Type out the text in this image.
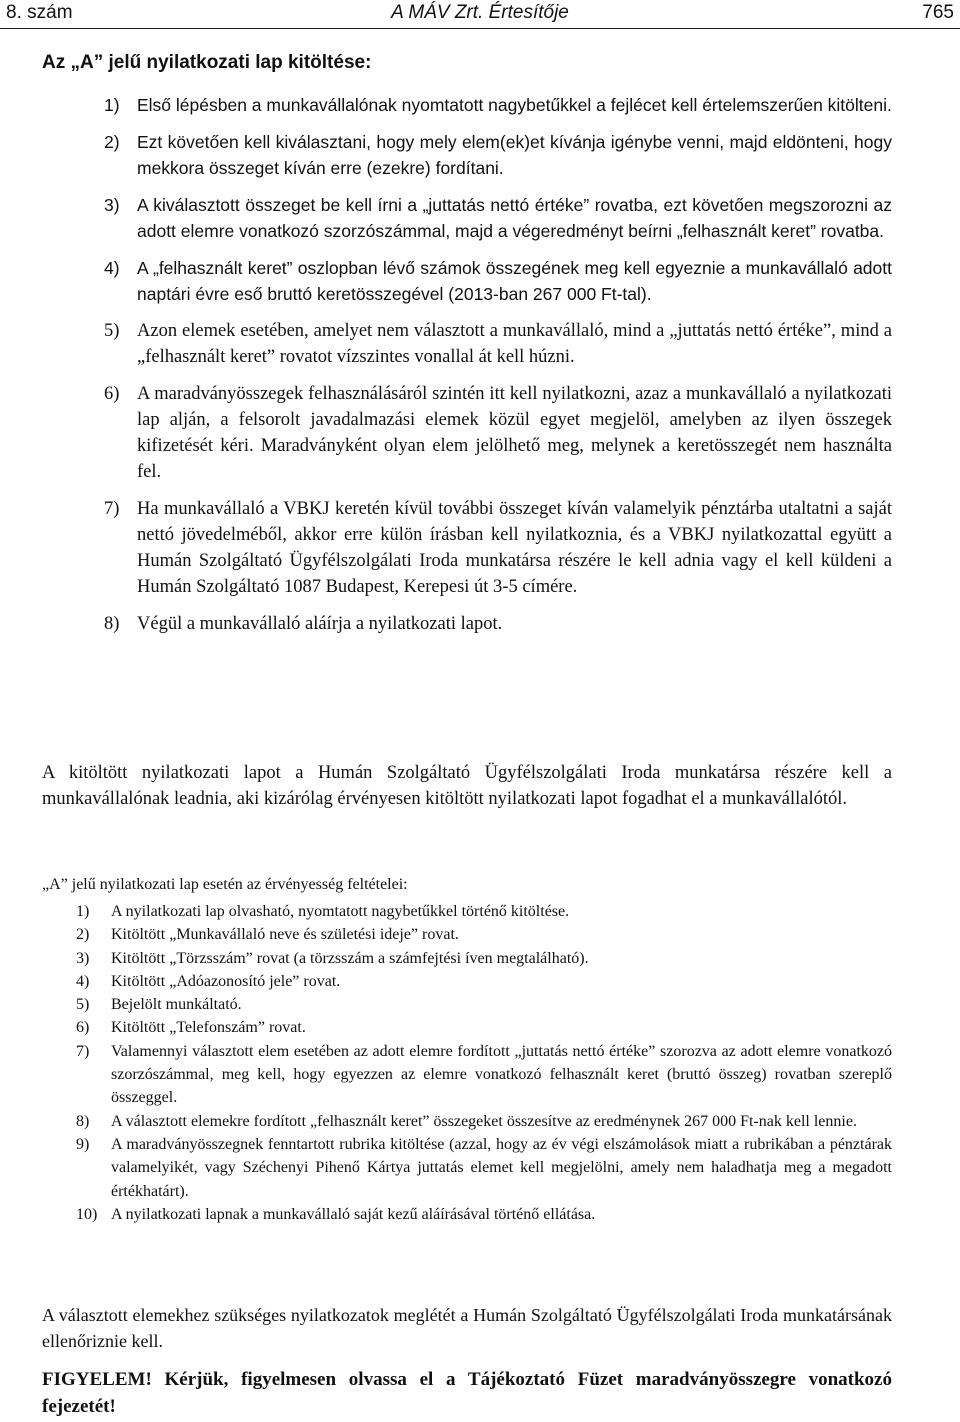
8. szám	A MÁV Zrt. Értesítője	765
Az „A” jelű nyilatkozati lap kitöltése:
1) Első lépésben a munkavállalónak nyomtatott nagybetűkkel a fejlécet kell értelemszerűen kitölteni.
2) Ezt követően kell kiválasztani, hogy mely elem(ek)et kívánja igénybe venni, majd eldönteni, hogy mekkora összeget kíván erre (ezekre) fordítani.
3) A kiválasztott összeget be kell írni a „juttatás nettó értéke” rovatba, ezt követően megszorozni az adott elemre vonatkozó szorzószámmal, majd a végeredményt beírni „felhasznált keret” rovatba.
4) A „felhasznált keret” oszlopban lévő számok összegének meg kell egyeznie a munkavállaló adott naptári évre eső bruttó keretösszegével (2013-ban 267 000 Ft-tal).
5) Azon elemek esetében, amelyet nem választott a munkavállaló, mind a „juttatás nettó értéke”, mind a „felhasznált keret” rovatot vízszintes vonallal át kell húzni.
6) A maradványösszegek felhasználásáról szintén itt kell nyilatkozni, azaz a munkavállaló a nyilatkozati lap alján, a felsorolt javadalmazási elemek közül egyet megjelöl, amelyben az ilyen összegek kifizetését kéri. Maradványként olyan elem jelölhető meg, melynek a keretösszegét nem használta fel.
7) Ha munkavállaló a VBKJ keretén kívül további összeget kíván valamelyik pénztárba utaltatni a saját nettó jövedelméből, akkor erre külön írásban kell nyilatkoznia, és a VBKJ nyilatkozattal együtt a Humán Szolgáltató Ügyfélszolgálati Iroda munkatársa részére le kell adnia vagy el kell küldeni a Humán Szolgáltató 1087 Budapest, Kerepesi út 3-5 címére.
8) Végül a munkavállaló aláírja a nyilatkozati lapot.

A kitöltött nyilatkozati lapot a Humán Szolgáltató Ügyfélszolgálati Iroda munkatársa részére kell a munkavállalónak leadnia, aki kizárólag érvényesen kitöltött nyilatkozati lapot fogadhat el a munkavállalótól.

„A” jelű nyilatkozati lap esetén az érvényesség feltételei:
1) A nyilatkozati lap olvasható, nyomtatott nagybetűkkel történő kitöltése.
2) Kitöltött „Munkavállaló neve és születési ideje” rovat.
3) Kitöltött „Törzsszám” rovat (a törzsszám a számfejtési íven megtalálható).
4) Kitöltött „Adóazonosító jele” rovat.
5) Bejelölt munkáltató.
6) Kitöltött „Telefonszám” rovat.
7) Valamennyi választott elem esetében az adott elemre fordított „juttatás nettó értéke” szorozva az adott elemre vonatkozó szorzószámmal, meg kell, hogy egyezzen az elemre vonatkozó felhasznált keret (bruttó összeg) rovatban szereplő összeggel.
8) A választott elemekre fordított „felhasznált keret” összegeket összesítve az eredménynek 267 000 Ft-nak kell lennie.
9) A maradványösszegnek fenntartott rubrika kitöltése (azzal, hogy az év végi elszámolások miatt a rubrikában a pénztárak valamelyikét, vagy Széchenyi Pihenő Kártya juttatás elemet kell megjelölni, amely nem haladhatja meg a megadott értékhatárt).
10) A nyilatkozati lapnak a munkavállaló saját kezű aláírásával történő ellátása.

A választott elemekhez szükséges nyilatkozatok meglétét a Humán Szolgáltató Ügyfélszolgálati Iroda munkatársának ellenőriznie kell.

FIGYELEM! Kérjük, figyelmesen olvassa el a Tájékoztató Füzet maradványösszegre vonatkozó fejezetét!
